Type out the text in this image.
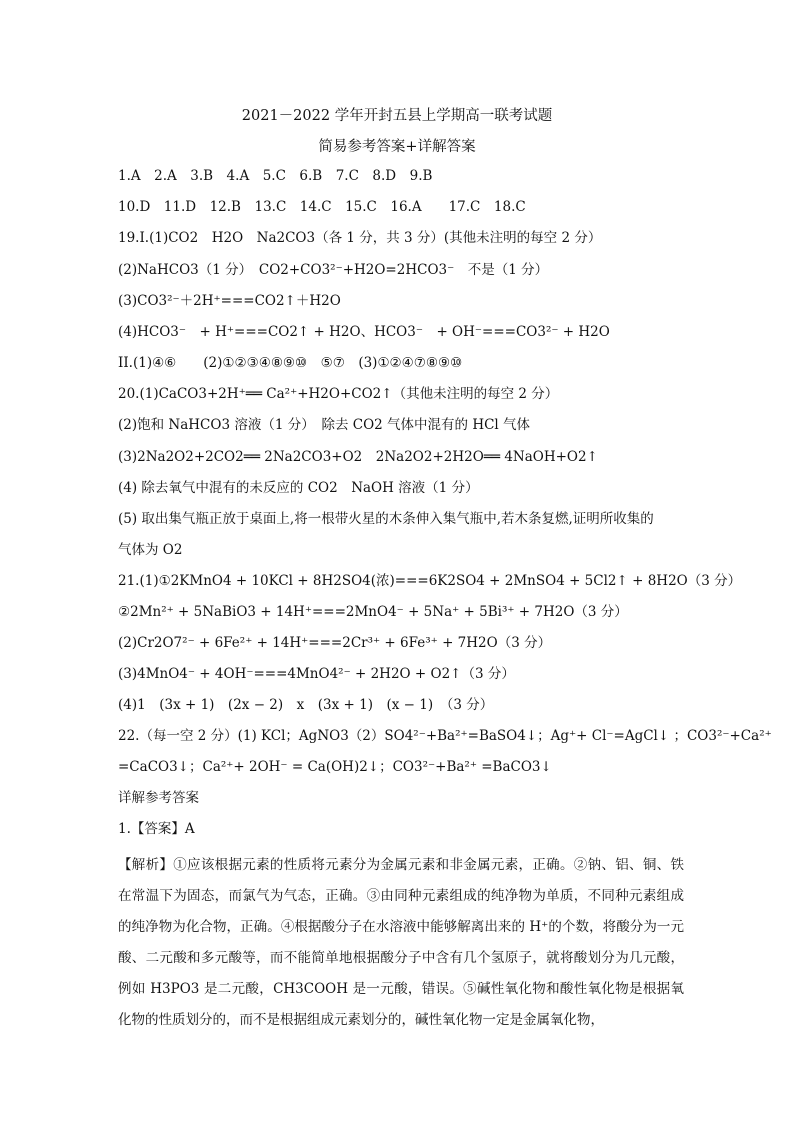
2021－2022 学年开封五县上学期高一联考试题
简易参考答案+详解答案
1.A　2.A　3.B　4.A　5.C　6.B　7.C　8.D　9.B
10.D　11.D　12.B　13.C　14.C　15.C　16.A　　17.C　18.C
19.I.(1)CO2　H2O　Na2CO3（各 1 分，共 3 分）(其他未注明的每空 2 分）
(2)NaHCO3（1 分）　CO2+CO3²⁻+H2O=2HCO3⁻　不是（1 分）
(3)CO3²⁻＋2H⁺===CO2↑＋H2O
(4)HCO3⁻　+ H⁺===CO2↑ + H2O、HCO3⁻　+ OH⁻===CO3²⁻ + H2O
II.(1)④⑥　　(2)①②③④⑧⑨⑩　⑤⑦　(3)①②④⑦⑧⑨⑩
20.(1)CaCO3+2H⁺══ Ca²⁺+H2O+CO2↑（其他未注明的每空 2 分）
(2)饱和 NaHCO3 溶液（1 分）　除去 CO2 气体中混有的 HCl 气体
(3)2Na2O2+2CO2══ 2Na2CO3+O2　2Na2O2+2H2O══ 4NaOH+O2↑
(4) 除去氧气中混有的未反应的 CO2　NaOH 溶液（1 分）
(5) 取出集气瓶正放于桌面上,将一根带火星的木条伸入集气瓶中,若木条复燃,证明所收集的
气体为 O2
21.(1)①2KMnO4 + 10KCl + 8H2SO4(浓)===6K2SO4 + 2MnSO4 + 5Cl2↑ + 8H2O（3 分）
②2Mn²⁺ + 5NaBiO3 + 14H⁺===2MnO4⁻ + 5Na⁺ + 5Bi³⁺ + 7H2O（3 分）
(2)Cr2O7²⁻ + 6Fe²⁺ + 14H⁺===2Cr³⁺ + 6Fe³⁺ + 7H2O（3 分）
(3)4MnO4⁻ + 4OH⁻===4MnO4²⁻ + 2H2O + O2↑（3 分）
(4)1　(3x + 1)　(2x − 2)　x　(3x + 1)　(x − 1)　（3 分）
22.（每一空 2 分）(1) KCl；AgNO3（2）SO4²⁻+Ba²⁺=BaSO4↓；Ag⁺+ Cl⁻=AgCl↓ ；CO3²⁻+Ca²⁺
=CaCO3↓；Ca²⁺+ 2OH⁻ = Ca(OH)2↓；CO3²⁻+Ba²⁺ =BaCO3↓
详解参考答案
1.【答案】A
【解析】①应该根据元素的性质将元素分为金属元素和非金属元素，正确。②钠、铝、铜、铁在常温下为固态，而氯气为气态，正确。③由同种元素组成的纯净物为单质，不同种元素组成的纯净物为化合物，正确。④根据酸分子在水溶液中能够解离出来的 H⁺的个数，将酸分为一元酸、二元酸和多元酸等，而不能简单地根据酸分子中含有几个氢原子，就将酸划分为几元酸，例如 H3PO3 是二元酸，CH3COOH 是一元酸，错误。⑤碱性氧化物和酸性氧化物是根据氧化物的性质划分的，而不是根据组成元素划分的，碱性氧化物一定是金属氧化物，
